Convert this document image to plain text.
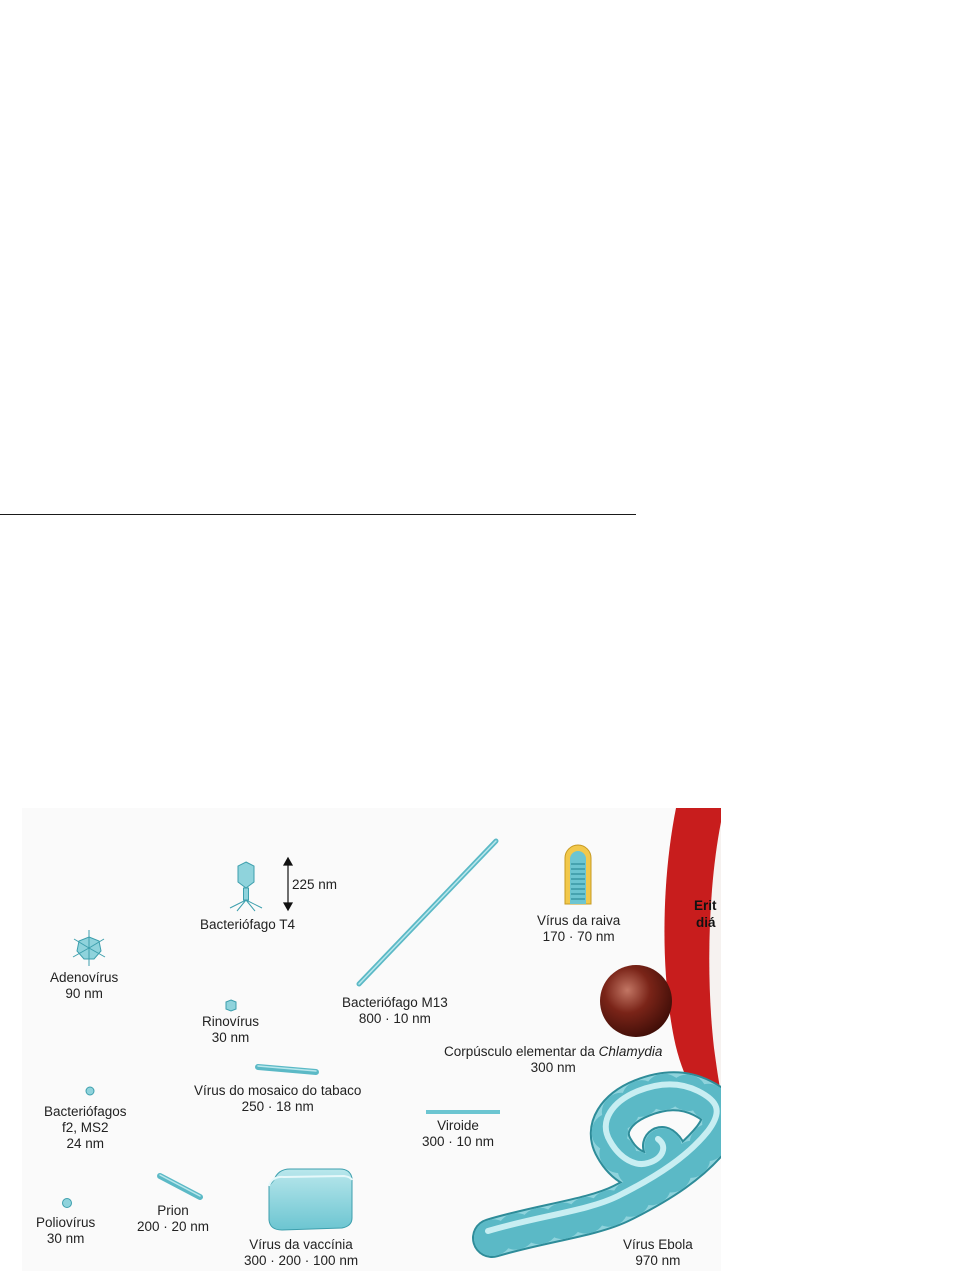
225 nm
Bacteriófago T4
Adenovírus
90 nm
Rinovírus
30 nm
Bacteriófago M13
800 · 10 nm
Vírus da raiva
170 · 70 nm
Corpúsculo elementar da Chlamydia
300 nm
Vírus do mosaico do tabaco
250 · 18 nm
Bacteriófagos
f2, MS2
24 nm
Viroide
300 · 10 nm
Prion
200 · 20 nm
Poliovírus
30 nm	Vírus da vaccínia
300 · 200 · 100 nm
Vírus Ebola
970 nm
Erit
diá
